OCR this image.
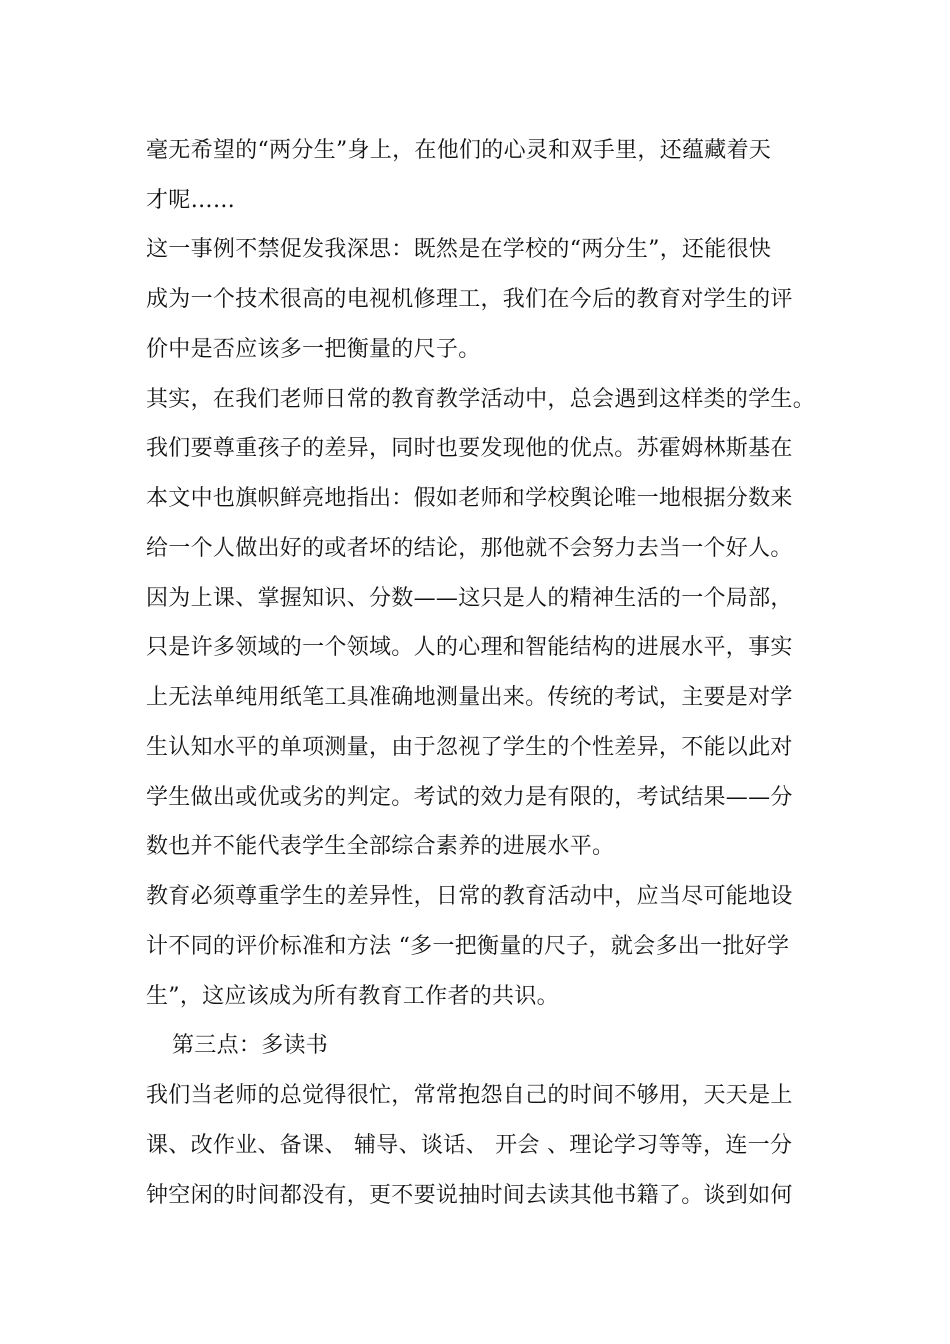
毫无希望的“两分生”身上，在他们的心灵和双手里，还蕴藏着天
才呢……
这一事例不禁促发我深思：既然是在学校的“两分生”，还能很快
成为一个技术很高的电视机修理工，我们在今后的教育对学生的评
价中是否应该多一把衡量的尺子。
其实，在我们老师日常的教育教学活动中，总会遇到这样类的学生。
我们要尊重孩子的差异，同时也要发现他的优点。苏霍姆林斯基在
本文中也旗帜鲜亮地指出：假如老师和学校舆论唯一地根据分数来
给一个人做出好的或者坏的结论，那他就不会努力去当一个好人。
因为上课、掌握知识、分数——这只是人的精神生活的一个局部，
只是许多领域的一个领域。人的心理和智能结构的进展水平，事实
上无法单纯用纸笔工具准确地测量出来。传统的考试，主要是对学
生认知水平的单项测量，由于忽视了学生的个性差异，不能以此对
学生做出或优或劣的判定。考试的效力是有限的，考试结果——分
数也并不能代表学生全部综合素养的进展水平。
教育必须尊重学生的差异性，日常的教育活动中，应当尽可能地设
计不同的评价标准和方法 “多一把衡量的尺子，就会多出一批好学
生”，这应该成为所有教育工作者的共识。
第三点：多读书
我们当老师的总觉得很忙，常常抱怨自己的时间不够用，天天是上
课、改作业、备课、 辅导、谈话、 开会 、理论学习等等，连一分
钟空闲的时间都没有，更不要说抽时间去读其他书籍了。谈到如何
